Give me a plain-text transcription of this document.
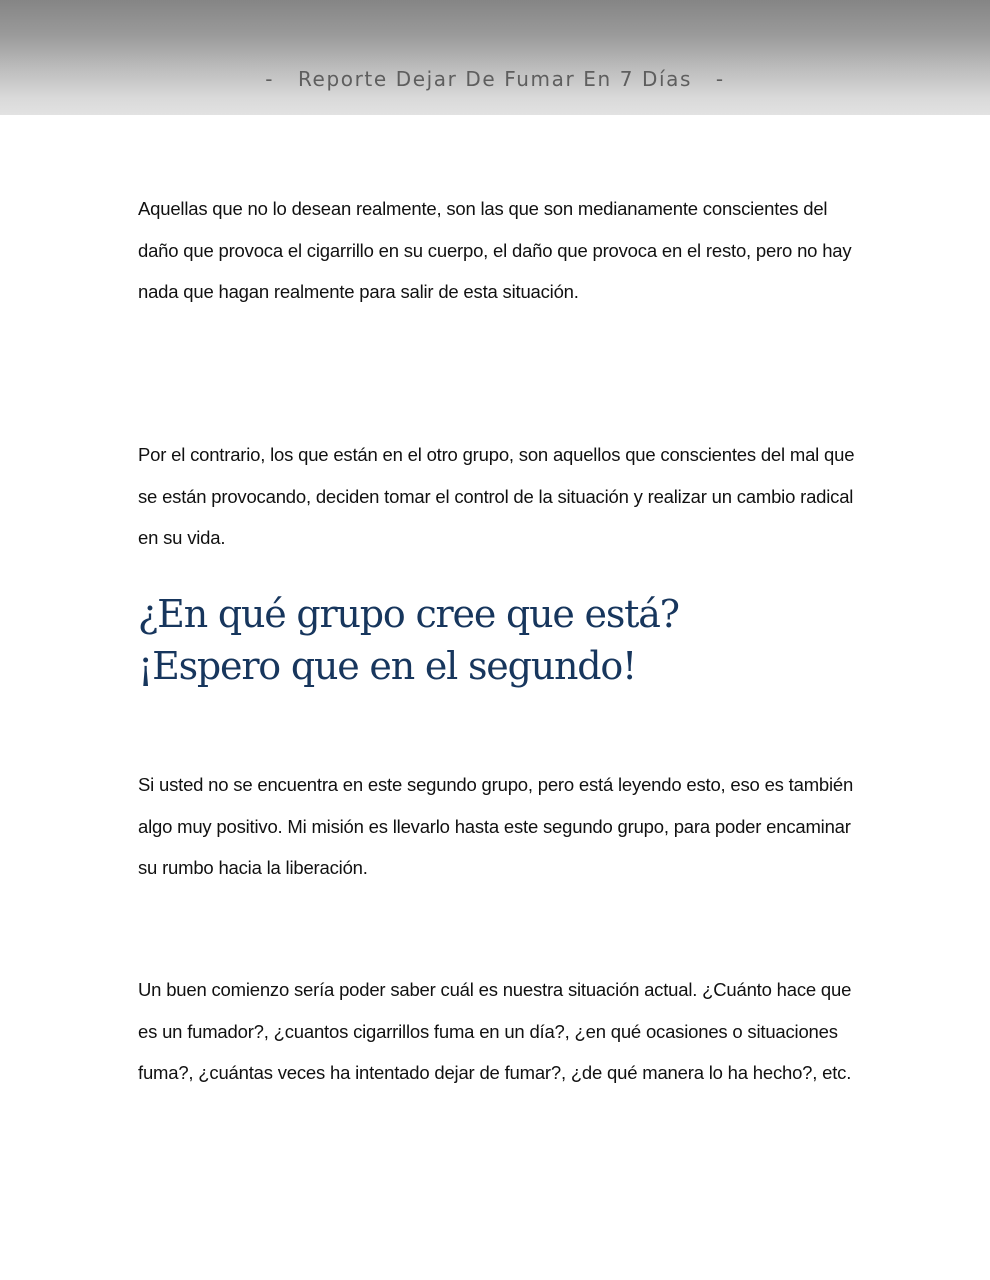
-   Reporte Dejar De Fumar En 7 Días   -

Aquellas que no lo desean realmente, son las que son medianamente conscientes del daño que provoca el cigarrillo en su cuerpo, el daño que provoca en el resto, pero no hay nada que hagan realmente para salir de esta situación.

Por el contrario, los que están en el otro grupo, son aquellos que conscientes del mal que se están provocando, deciden tomar el control de la situación y realizar un cambio radical en su vida.

¿En qué grupo cree que está?
¡Espero que en el segundo!

Si usted no se encuentra en este segundo grupo, pero está leyendo esto, eso es también algo muy positivo. Mi misión es llevarlo hasta este segundo grupo, para poder encaminar su rumbo hacia la liberación.

Un buen comienzo sería poder saber cuál es nuestra situación actual. ¿Cuánto hace que es un fumador?, ¿cuantos cigarrillos fuma en un día?, ¿en qué ocasiones o situaciones fuma?, ¿cuántas veces ha intentado dejar de fumar?, ¿de qué manera lo ha hecho?, etc.
